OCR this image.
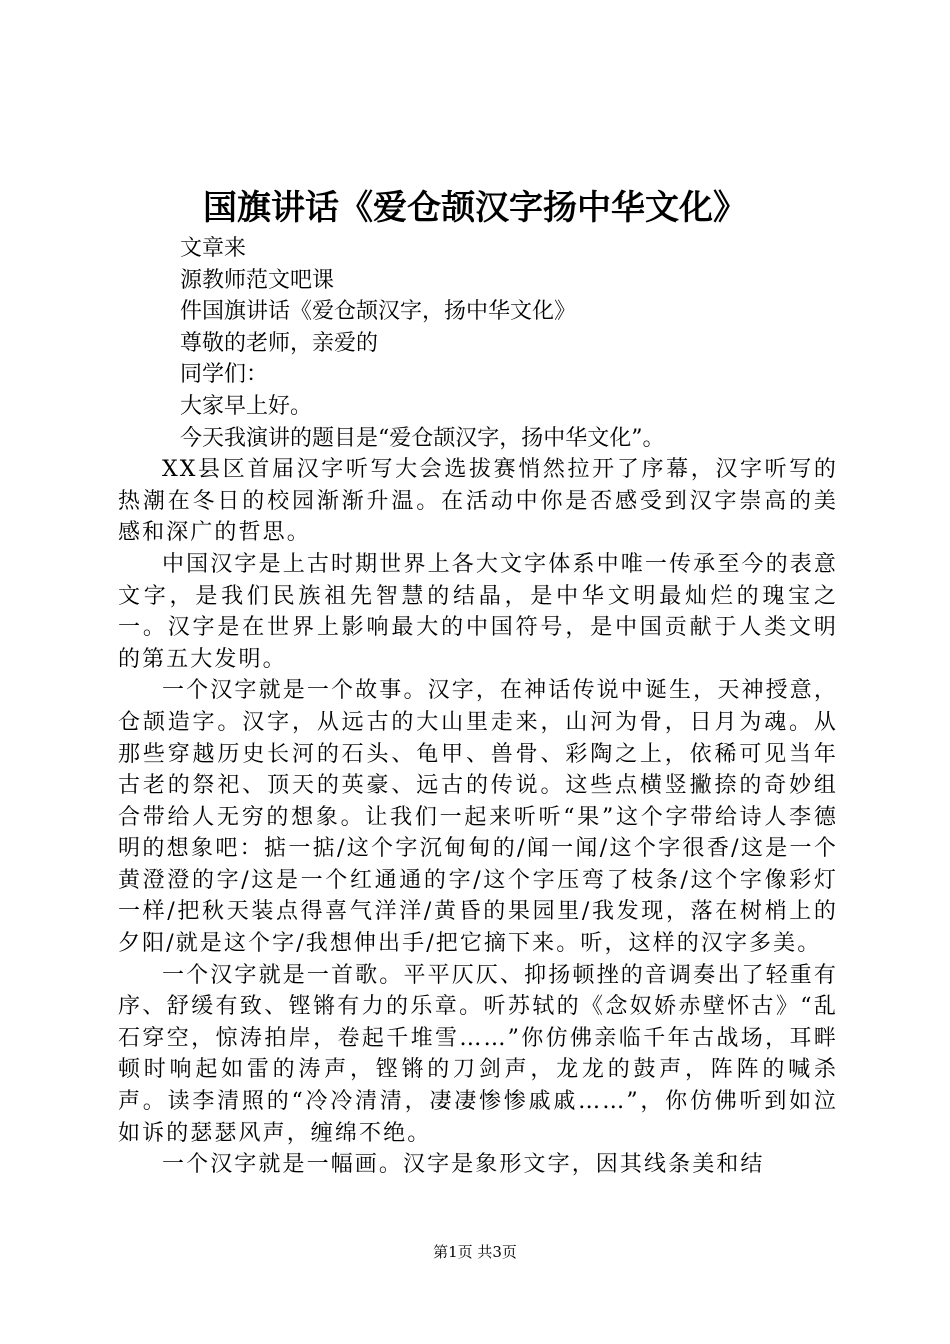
国旗讲话《爱仓颉汉字扬中华文化》
文章来
源教师范文吧课
件国旗讲话《爱仓颉汉字，扬中华文化》
尊敬的老师，亲爱的
同学们：
大家早上好。
今天我演讲的题目是“爱仓颉汉字，扬中华文化”。

XX县区首届汉字听写大会选拔赛悄然拉开了序幕，汉字听写的热潮在冬日的校园渐渐升温。在活动中你是否感受到汉字崇高的美感和深广的哲思。

中国汉字是上古时期世界上各大文字体系中唯一传承至今的表意文字，是我们民族祖先智慧的结晶，是中华文明最灿烂的瑰宝之一。汉字是在世界上影响最大的中国符号，是中国贡献于人类文明的第五大发明。

一个汉字就是一个故事。汉字，在神话传说中诞生，天神授意，仓颉造字。汉字，从远古的大山里走来，山河为骨，日月为魂。从那些穿越历史长河的石头、龟甲、兽骨、彩陶之上，依稀可见当年古老的祭祀、顶天的英豪、远古的传说。这些点横竖撇捺的奇妙组合带给人无穷的想象。让我们一起来听听“果”这个字带给诗人李德明的想象吧：掂一掂/这个字沉甸甸的/闻一闻/这个字很香/这是一个黄澄澄的字/这是一个红通通的字/这个字压弯了枝条/这个字像彩灯一样/把秋天装点得喜气洋洋/黄昏的果园里/我发现，落在树梢上的夕阳/就是这个字/我想伸出手/把它摘下来。听，这样的汉字多美。

一个汉字就是一首歌。平平仄仄、抑扬顿挫的音调奏出了轻重有序、舒缓有致、铿锵有力的乐章。听苏轼的《念奴娇赤壁怀古》“乱石穿空，惊涛拍岸，卷起千堆雪……”你仿佛亲临千年古战场，耳畔顿时响起如雷的涛声，铿锵的刀剑声，龙龙的鼓声，阵阵的喊杀声。读李清照的“冷冷清清，凄凄惨惨戚戚……”，你仿佛听到如泣如诉的瑟瑟风声，缠绵不绝。

一个汉字就是一幅画。汉字是象形文字，因其线条美和结

第1页 共3页
